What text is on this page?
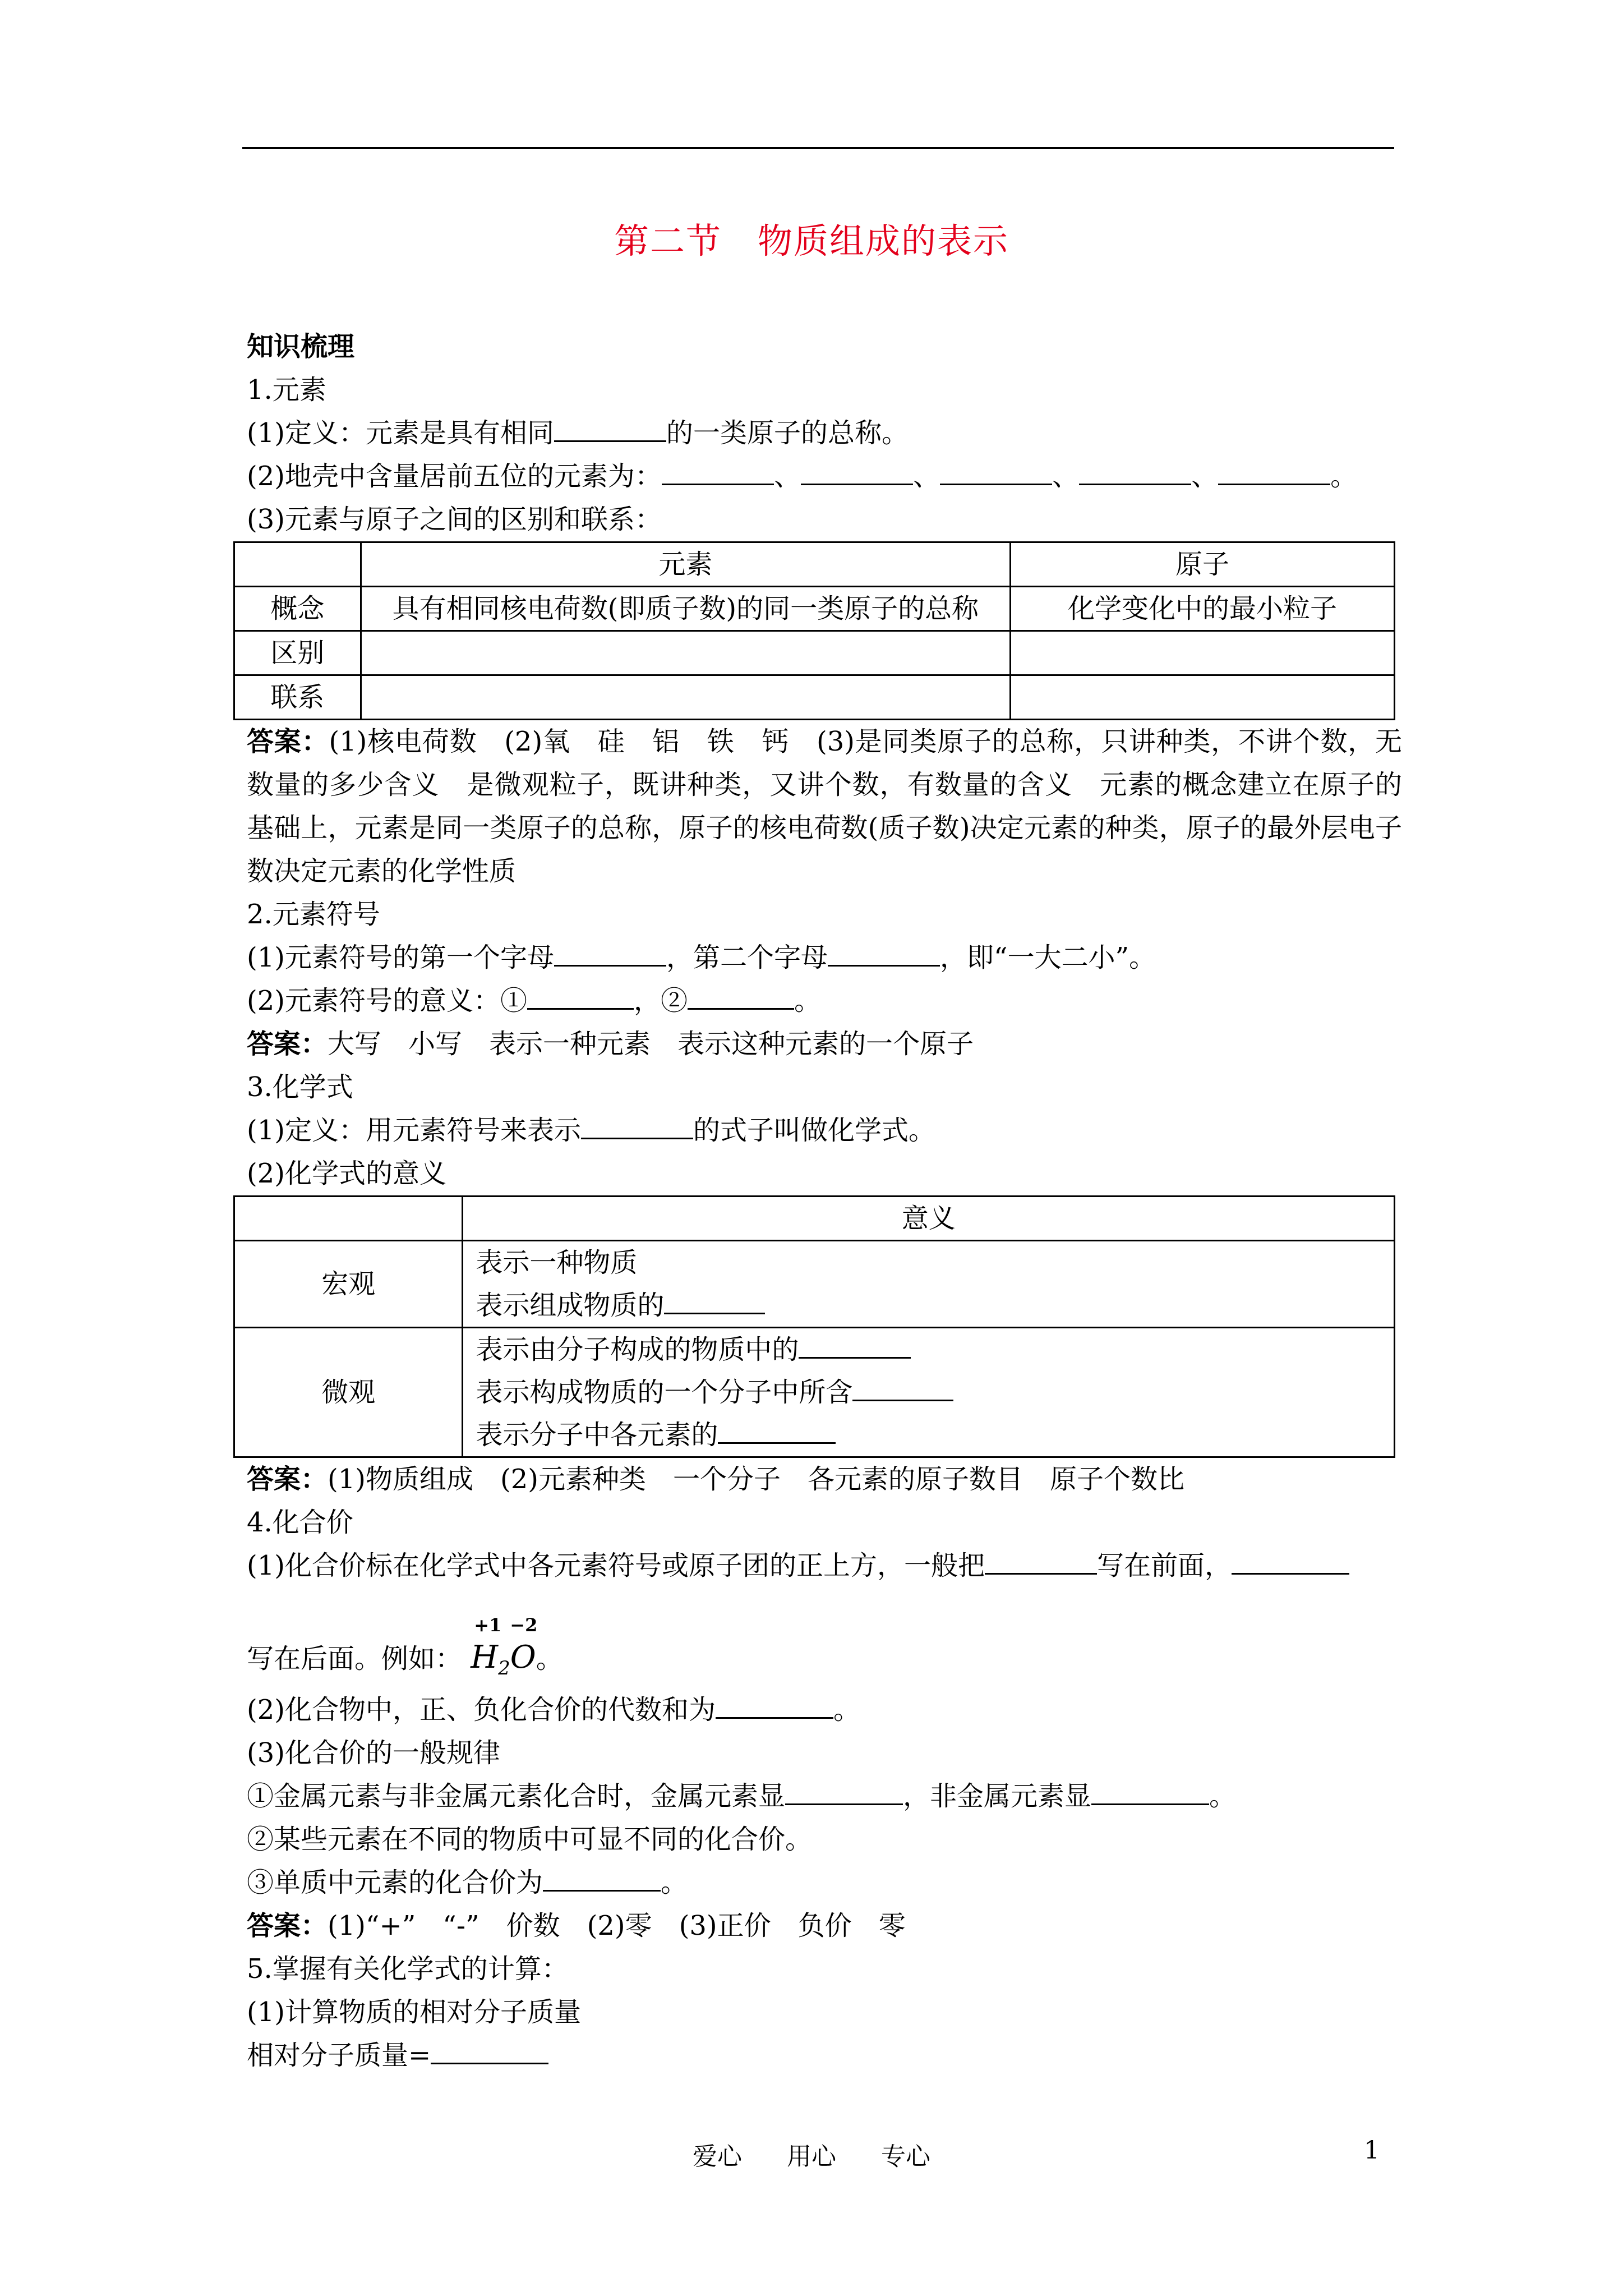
第二节　物质组成的表示
知识梳理
1.元素
(1)定义：元素是具有相同	的一类原子的总称。
(2)地壳中含量居前五位的元素为：	、	、	、	、	。
(3)元素与原子之间的区别和联系：
	元素	原子
概念	具有相同核电荷数(即质子数)的同一类原子的总称	化学变化中的最小粒子
区别		
联系		
答案：(1)核电荷数　(2)氧　硅　铝　铁　钙　(3)是同类原子的总称，只讲种类，不讲个数，无数量的多少含义　是微观粒子，既讲种类，又讲个数，有数量的含义　元素的概念建立在原子的基础上，元素是同一类原子的总称，原子的核电荷数(质子数)决定元素的种类，原子的最外层电子数决定元素的化学性质
2.元素符号
(1)元素符号的第一个字母	，第二个字母	，即“一大二小”。
(2)元素符号的意义：①	，②	。
答案：大写　小写　表示一种元素　表示这种元素的一个原子
3.化学式
(1)定义：用元素符号来表示	的式子叫做化学式。
(2)化学式的意义
	意义
宏观	表示一种物质
表示组成物质的

微观	表示由分子构成的物质中的
表示构成物质的一个分子中所含
表示分子中各元素的
答案：(1)物质组成　(2)元素种类　一个分子　各元素的原子数目　原子个数比
4.化合价
(1)化合价标在化学式中各元素符号或原子团的正上方，一般把	写在前面，
写在后面。例如：
+1
$H_2$
−2
O。
(2)化合物中，正、负化合价的代数和为	。
(3)化合价的一般规律
①金属元素与非金属元素化合时，金属元素显	，非金属元素显	。
②某些元素在不同的物质中可显不同的化合价。
③单质中元素的化合价为	。
答案：(1)“+”　“-”　价数　(2)零　(3)正价　负价　零
5.掌握有关化学式的计算：
(1)计算物质的相对分子质量
相对分子质量=
爱心 用心 专心	1
